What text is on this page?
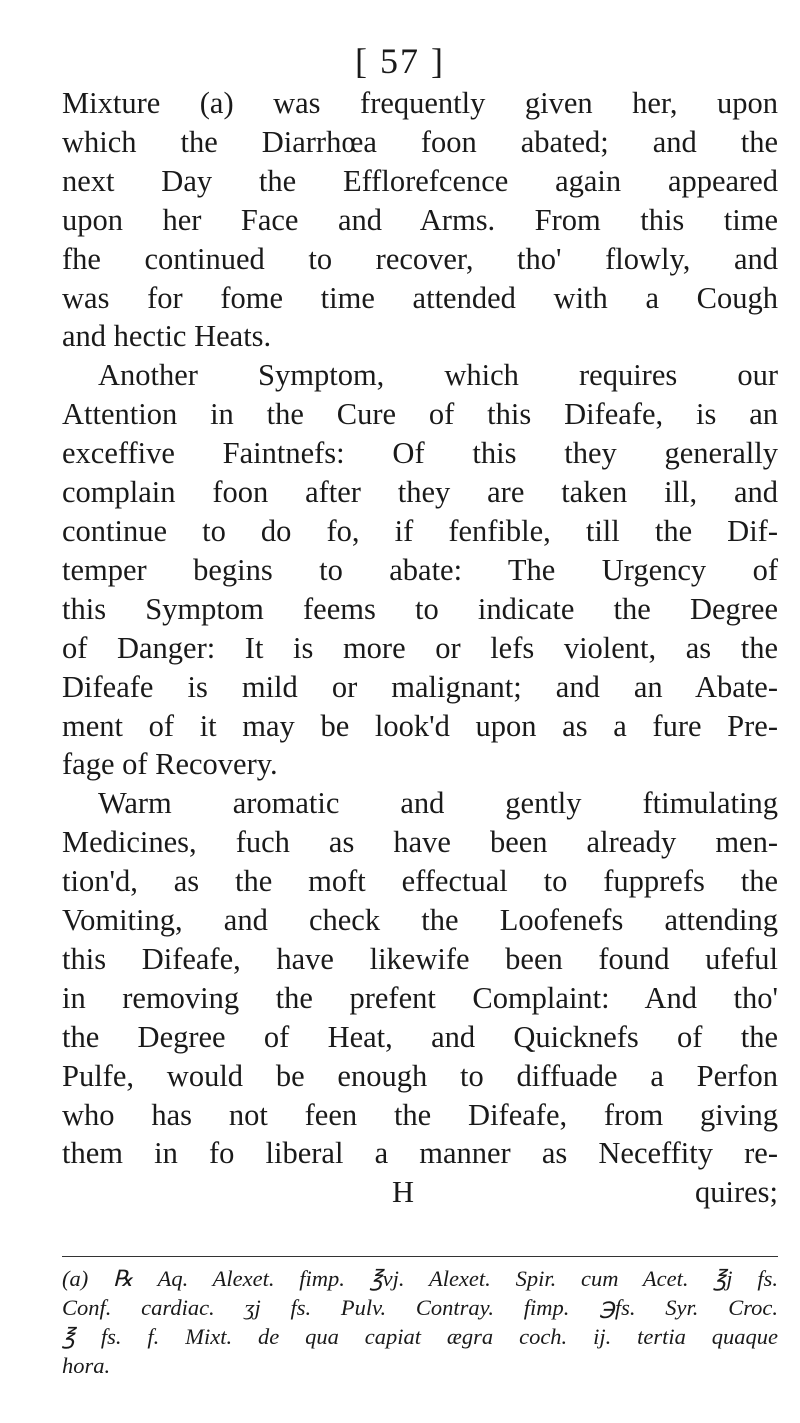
[ 57 ]
Mixture (a) was frequently given her, upon
which the Diarrhœa foon abated; and the
next Day the Efflorefcence again appeared
upon her Face and Arms. From this time
fhe continued to recover, tho' flowly, and
was for fome time attended with a Cough
and hectic Heats.
Another Symptom, which requires our
Attention in the Cure of this Difeafe, is an
exceffive Faintnefs: Of this they generally
complain foon after they are taken ill, and
continue to do fo, if fenfible, till the Dif-
temper begins to abate: The Urgency of
this Symptom feems to indicate the Degree
of Danger: It is more or lefs violent, as the
Difeafe is mild or malignant; and an Abate-
ment of it may be look'd upon as a fure Pre-
fage of Recovery.
Warm aromatic and gently ftimulating
Medicines, fuch as have been already men-
tion'd, as the moft effectual to fupprefs the
Vomiting, and check the Loofenefs attending
this Difeafe, have likewife been found ufeful
in removing the prefent Complaint: And tho'
the Degree of Heat, and Quicknefs of the
Pulfe, would be enough to diffuade a Perfon
who has not feen the Difeafe, from giving
them in fo liberal a manner as Neceffity re-
H	quires;
(a) ℞ Aq. Alexet. fimp. ℥vj. Alexet. Spir. cum Acet. ℥j fs.
Conf. cardiac. ʒj fs. Pulv. Contray. fimp. ℈fs. Syr. Croc.
℥ fs. f. Mixt. de qua capiat ægra coch. ij. tertia quaque
hora.
